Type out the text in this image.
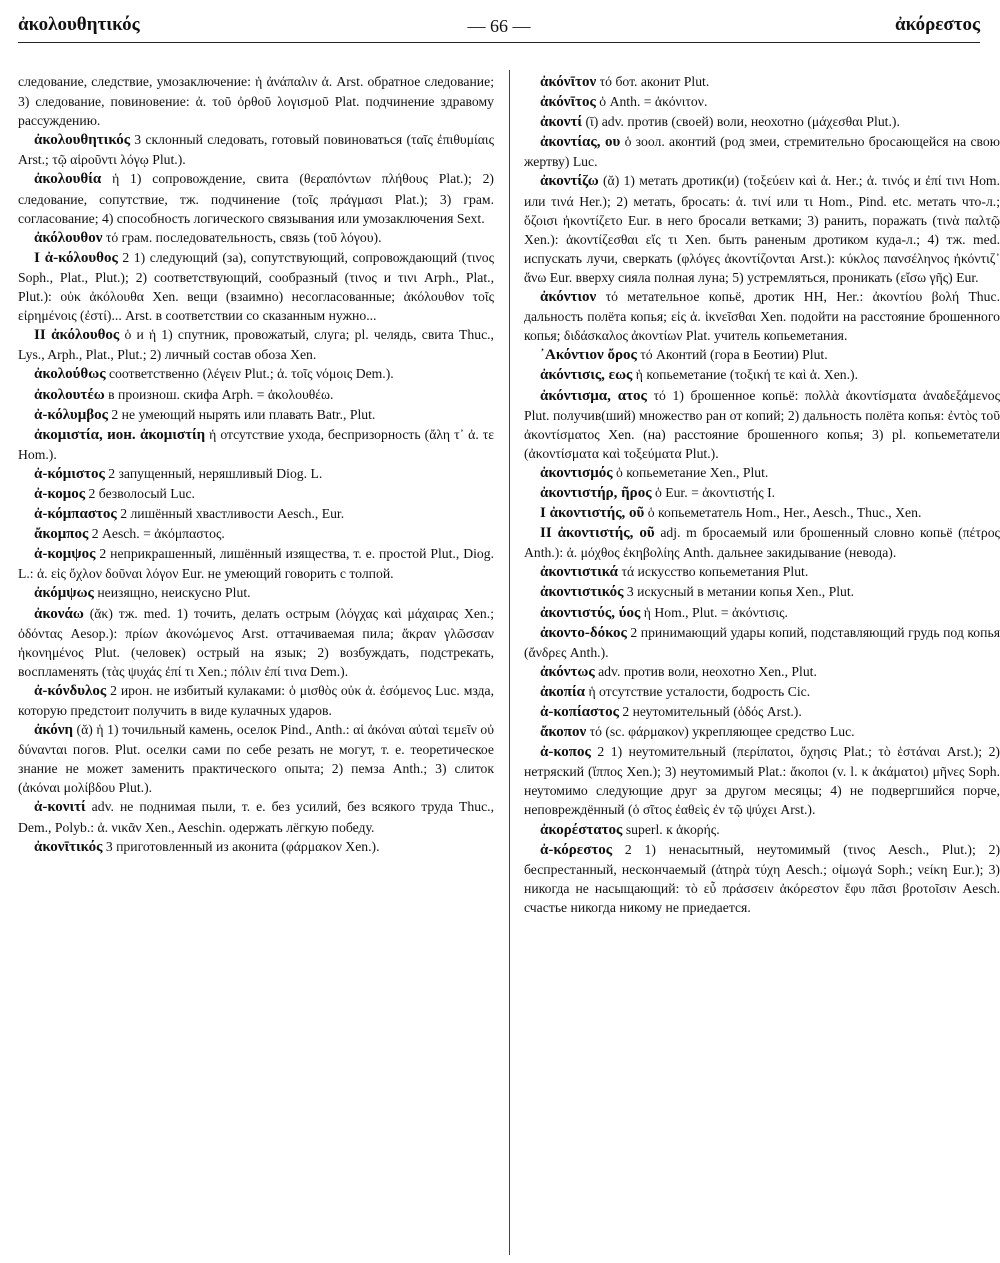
ἀκολουθητικός	— 66 —	ἀκόρεστος

следование, следствие, умозаключение: ἡ ἀνάπαλιν ἀ. Arst. обратное следование; 3) следование, повиновение: ἀ. τοῦ ὀρθοῦ λογισμοῦ Plat. подчинение здравому рассуждению.

ἀκολουθητικός 3 склонный следовать, готовый повиноваться (ταῖς ἐπιθυμίαις Arst.; τῷ αἱροῦντι λόγῳ Plut.).

ἀκολουθία ἡ 1) сопровождение, свита (θεραπόντων πλήθους Plat.); 2) следование, сопутствие, тж. подчинение (τοῖς πράγμασι Plat.); 3) грам. согласование; 4) способность логического связывания или умозаключения Sext.

ἀκόλουθον τό грам. последовательность, связь (τοῦ λόγου).

I ἀ-κόλουθος 2 1) следующий (за), сопутствующий, сопровождающий (τινος Soph., Plat., Plut.); 2) соответствующий, сообразный (τινος и τινι Arph., Plat., Plut.): οὐκ ἀκόλουθα Xen. вещи (взаимно) несогласованные; ἀκόλουθον τοῖς εἰρημένοις (ἐστί)... Arst. в соответствии со сказанным нужно...

II ἀκόλουθος ὁ и ἡ 1) спутник, провожатый, слуга; pl. челядь, свита Thuc., Lys., Arph., Plat., Plut.; 2) личный состав обоза Xen.

ἀκολούθως соответственно (λέγειν Plut.; ἀ. τοῖς νόμοις Dem.).

ἀκολουτέω в произнош. скифа Arph. = ἀκολουθέω.

ἀ-κόλυμβος 2 не умеющий нырять или плавать Batr., Plut.

ἀκομιστία, ион. ἀκομιστίη ἡ отсутствие ухода, беспризорность (ἄλη τ᾽ ἀ. τε Hom.).

ἀ-κόμιστος 2 запущенный, неряшливый Diog. L.

ἀ-κομος 2 безволосый Luc.

ἀ-κόμπαστος 2 лишённый хвастливости Aesch., Eur.

ἄκομπος 2 Aesch. = ἀκόμπαστος.

ἀ-κομψος 2 неприкрашенный, лишённый изящества, т. е. простой Plut., Diog. L.: ἀ. εἰς ὄχλον δοῦναι λόγον Eur. не умеющий говорить с толпой.

ἀκόμψως неизящно, неискусно Plut.

ἀκονάω (ᾰκ) тж. med. 1) точить, делать острым (λόγχας καὶ μάχαιρας Xen.; ὀδόντας Aesop.): πρίων ἀκονώμενος Arst. оттачиваемая пила; ἄκραν γλῶσσαν ἠκονημένος Plut. (человек) острый на язык; 2) возбуждать, подстрекать, воспламенять (τὰς ψυχάς ἐπί τι Xen.; πόλιν ἐπί τινα Dem.).

ἀ-κόνδυλος 2 ирон. не избитый кулаками: ὁ μισθὸς οὐκ ἀ. ἐσόμενος Luc. мзда, которую предстоит получить в виде кулачных ударов.

ἀκόνη (ᾰ) ἡ 1) точильный камень, оселок Pind., Anth.: αἱ ἀκόναι αὐταὶ τεμεῖν οὐ δύνανται погов. Plut. оселки сами по себе резать не могут, т. е. теоретическое знание не может заменить практического опыта; 2) пемза Anth.; 3) слиток (ἀκόναι μολίβδου Plut.).

ἀ-κονιτί adv. не поднимая пыли, т. е. без усилий, без всякого труда Thuc., Dem., Polyb.: ἀ. νικᾶν Xen., Aeschin. одержать лёгкую победу.

ἀκονῑτικός 3 приготовленный из аконита (φάρμακον Xen.).

ἀκόνῑτον τό бот. аконит Plut.

ἀκόνῑτος ὁ Anth. = ἀκόνιτον.

ἀκοντί (ῑ) adv. против (своей) воли, неохотно (μάχεσθαι Plut.).

ἀκοντίας, ου ὁ зоол. аконтий (род змеи, стремительно бросающейся на свою жертву) Luc.

ἀκοντίζω (ᾰ) 1) метать дротик(и) (τοξεύειν καὶ ἀ. Her.; ἀ. τινός и ἐπί τινι Hom. или τινά Her.); 2) метать, бросать: ἀ. τινί или τι Hom., Pind. etc. метать что-л.; ὄζοισι ἠκοντίζετο Eur. в него бросали ветками; 3) ранить, поражать (τινὰ παλτῷ Xen.): ἀκοντίζεσθαι εἴς τι Xen. быть раненым дротиком куда-л.; 4) тж. med. испускать лучи, сверкать (φλόγες ἀκοντίζονται Arst.): κύκλος πανσέληνος ἠκόντιζ᾽ ἄνω Eur. вверху сияла полная луна; 5) устремляться, проникать (εἴσω γῆς) Eur.

ἀκόντιον τό метательное копьё, дротик HH, Her.: ἀκοντίου βολή Thuc. дальность полёта копья; εἰς ἀ. ἱκνεῖσθαι Xen. подойти на расстояние брошенного копья; διδάσκαλος ἀκοντίων Plat. учитель копьеметания.

᾽Ακόντιον ὄρος τό Аконтий (гора в Беотии) Plut.

ἀκόντισις, εως ἡ копьеметание (τοξική τε καὶ ἀ. Xen.).

ἀκόντισμα, ατος τό 1) брошенное копьё: πολλὰ ἀκοντίσματα ἀναδεξάμενος Plut. получив(ший) множество ран от копий; 2) дальность полёта копья: ἐντὸς τοῦ ἀκοντίσματος Xen. (на) расстояние брошенного копья; 3) pl. копьеметатели (ἀκοντίσματα καὶ τοξεύματα Plut.).

ἀκοντισμός ὁ копьеметание Xen., Plut.

ἀκοντιστήρ, ῆρος ὁ Eur. = ἀκοντιστής I.

I ἀκοντιστής, οῦ ὁ копьеметатель Hom., Her., Aesch., Thuc., Xen.

II ἀκοντιστής, οῦ adj. m бросаемый или брошенный словно копьё (πέτρος Anth.): ἀ. μόχθος ἐκηβολίης Anth. дальнее закидывание (невода).

ἀκοντιστικά τά искусство копьеметания Plut.

ἀκοντιστικός 3 искусный в метании копья Xen., Plut.

ἀκοντιστύς, ύος ἡ Hom., Plut. = ἀκόντισις.

ἀκοντο-δόκος 2 принимающий удары копий, подставляющий грудь под копья (ἄνδρες Anth.).

ἀκόντως adv. против воли, неохотно Xen., Plut.

ἀκοπία ἡ отсутствие усталости, бодрость Cic.

ἀ-κοπίαστος 2 неутомительный (ὁδός Arst.).

ἄκοπον τό (sc. φάρμακον) укрепляющее средство Luc.

ἀ-κοπος 2 1) неутомительный (περίπατοι, ὄχησις Plat.; τὸ ἑστάναι Arst.); 2) нетряский (ἵππος Xen.); 3) неутомимый Plat.: ἄκοποι (v. l. κ ἀκάματοι) μῆνες Soph. неутомимо следующие друг за другом месяцы; 4) не подвергшийся порче, неповреждённый (ὁ σῖτος ἐαθεὶς ἐν τῷ ψύχει Arst.).

ἀκορέστατος superl. к ἀκορής.

ἀ-κόρεστος 2 1) ненасытный, неутомимый (τινος Aesch., Plut.); 2) беспрестанный, нескончаемый (ἀτηρὰ τύχη Aesch.; οἰμωγά Soph.; νείκη Eur.); 3) никогда не насыщающий: τὸ εὖ πράσσειν ἀκόρεστον ἔφυ πᾶσι βροτοῖσιν Aesch. счастье никогда никому не приедается.
